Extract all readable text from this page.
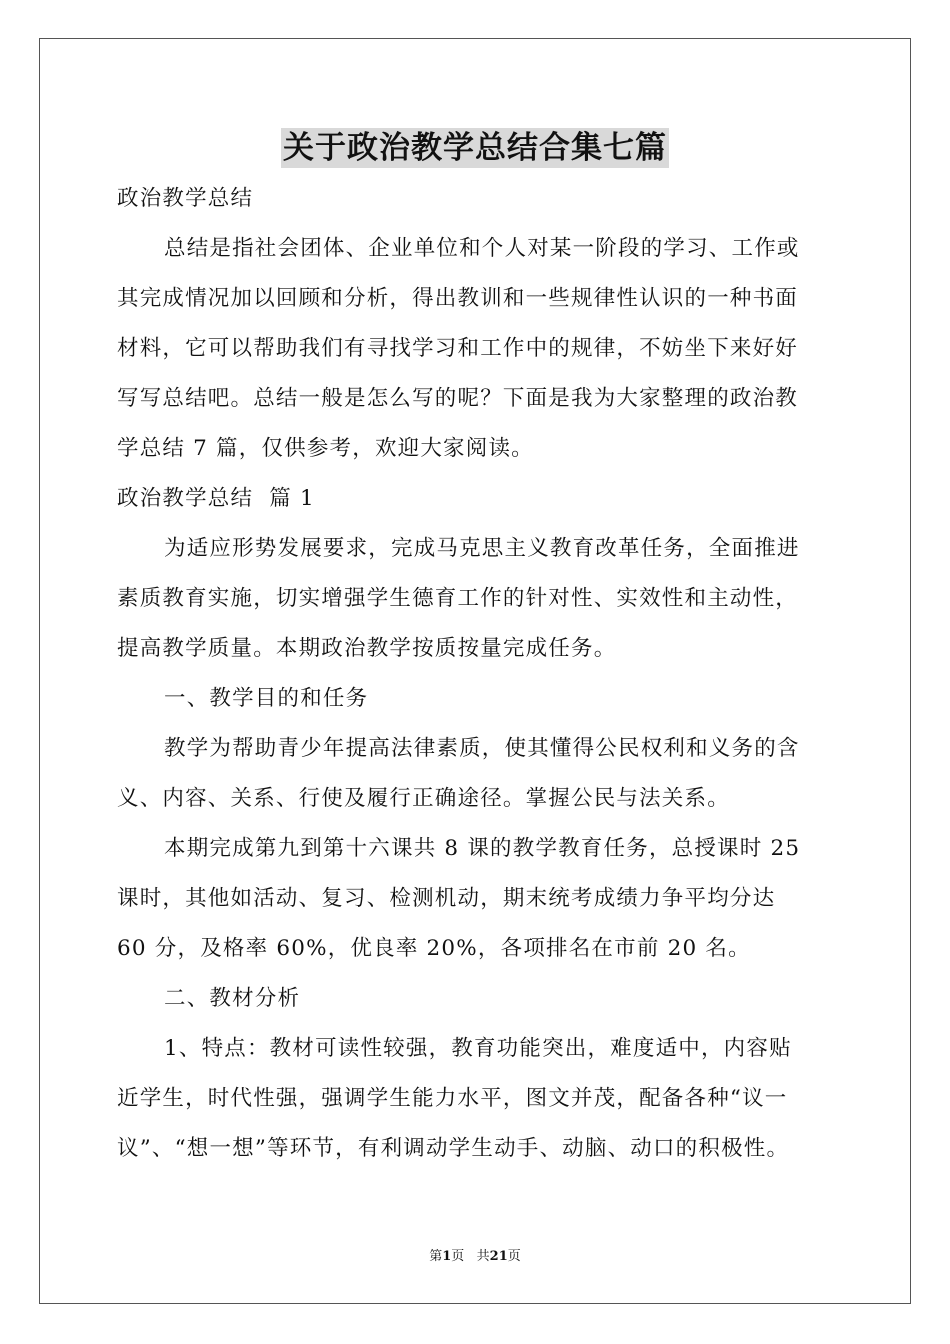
关于政治教学总结合集七篇
政治教学总结
总结是指社会团体、企业单位和个人对某一阶段的学习、工作或
其完成情况加以回顾和分析，得出教训和一些规律性认识的一种书面
材料，它可以帮助我们有寻找学习和工作中的规律，不妨坐下来好好
写写总结吧。总结一般是怎么写的呢？下面是我为大家整理的政治教
学总结 7 篇，仅供参考，欢迎大家阅读。
政治教学总结  篇 1
为适应形势发展要求，完成马克思主义教育改革任务，全面推进
素质教育实施，切实增强学生德育工作的针对性、实效性和主动性，
提高教学质量。本期政治教学按质按量完成任务。
一、教学目的和任务
教学为帮助青少年提高法律素质，使其懂得公民权利和义务的含
义、内容、关系、行使及履行正确途径。掌握公民与法关系。
本期完成第九到第十六课共 8 课的教学教育任务，总授课时 25
课时，其他如活动、复习、检测机动，期末统考成绩力争平均分达
60 分，及格率 60%，优良率 20%，各项排名在市前 20 名。
二、教材分析
1、特点：教材可读性较强，教育功能突出，难度适中，内容贴
近学生，时代性强，强调学生能力水平，图文并茂，配备各种“议一
议”、“想一想”等环节，有利调动学生动手、动脑、动口的积极性。
第1页   共21页
